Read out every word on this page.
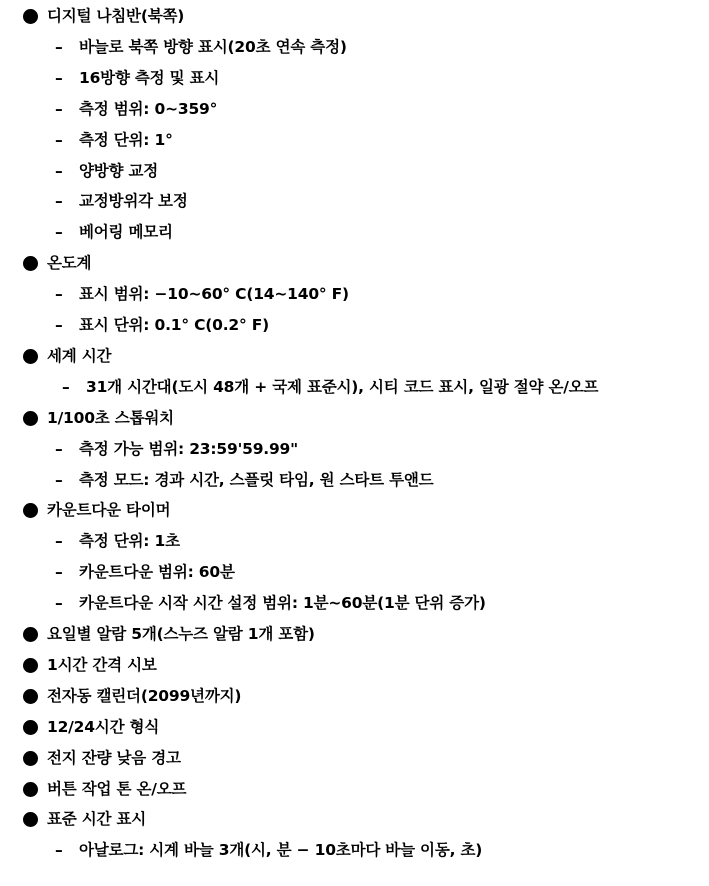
디지털 나침반(북쪽)
– 바늘로 북쪽 방향 표시(20초 연속 측정)
– 16방향 측정 및 표시
– 측정 범위: 0~359°
– 측정 단위: 1°
– 양방향 교정
– 교정방위각 보정
– 베어링 메모리
온도계
– 표시 범위: −10~60° C(14~140° F)
– 표시 단위: 0.1° C(0.2° F)
세계 시간
– 31개 시간대(도시 48개 + 국제 표준시), 시티 코드 표시, 일광 절약 온/오프
1/100초 스톱워치
– 측정 가능 범위: 23:59'59.99"
– 측정 모드: 경과 시간, 스플릿 타임, 원 스타트 투앤드
카운트다운 타이머
– 측정 단위: 1초
– 카운트다운 범위: 60분
– 카운트다운 시작 시간 설정 범위: 1분~60분(1분 단위 증가)
요일별 알람 5개(스누즈 알람 1개 포함)
1시간 간격 시보
전자동 캘린더(2099년까지)
12/24시간 형식
전지 잔량 낮음 경고
버튼 작업 톤 온/오프
표준 시간 표시
– 아날로그: 시계 바늘 3개(시, 분 − 10초마다 바늘 이동, 초)
